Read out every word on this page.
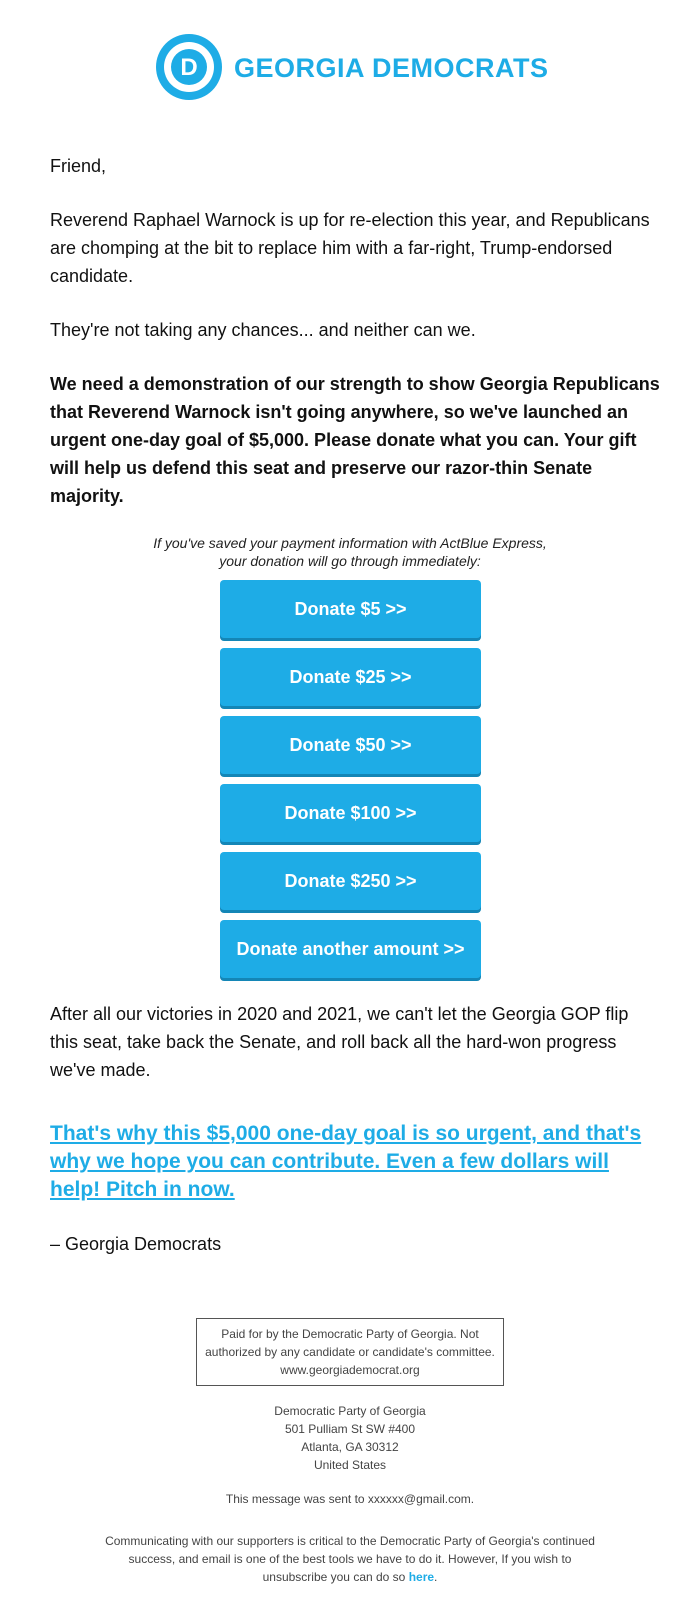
D GEORGIA DEMOCRATS

Friend,

Reverend Raphael Warnock is up for re-election this year, and Republicans are chomping at the bit to replace him with a far-right, Trump-endorsed candidate.

They're not taking any chances... and neither can we.

We need a demonstration of our strength to show Georgia Republicans that Reverend Warnock isn't going anywhere, so we've launched an urgent one-day goal of $5,000. Please donate what you can. Your gift will help us defend this seat and preserve our razor-thin Senate majority.

If you've saved your payment information with ActBlue Express,
your donation will go through immediately:
Donate $5 >>
Donate $25 >>
Donate $50 >>
Donate $100 >>
Donate $250 >>
Donate another amount >>

After all our victories in 2020 and 2021, we can't let the Georgia GOP flip this seat, take back the Senate, and roll back all the hard-won progress we've made.

That's why this $5,000 one-day goal is so urgent, and that's why we hope you can contribute. Even a few dollars will help! Pitch in now.

– Georgia Democrats

Paid for by the Democratic Party of Georgia. Not authorized by any candidate or candidate's committee. www.georgiademocrat.org
Democratic Party of Georgia
501 Pulliam St SW #400
Atlanta, GA 30312
United States
This message was sent to xxxxxx@gmail.com.
Communicating with our supporters is critical to the Democratic Party of Georgia's continued success, and email is one of the best tools we have to do it. However, If you wish to unsubscribe you can do so here.
